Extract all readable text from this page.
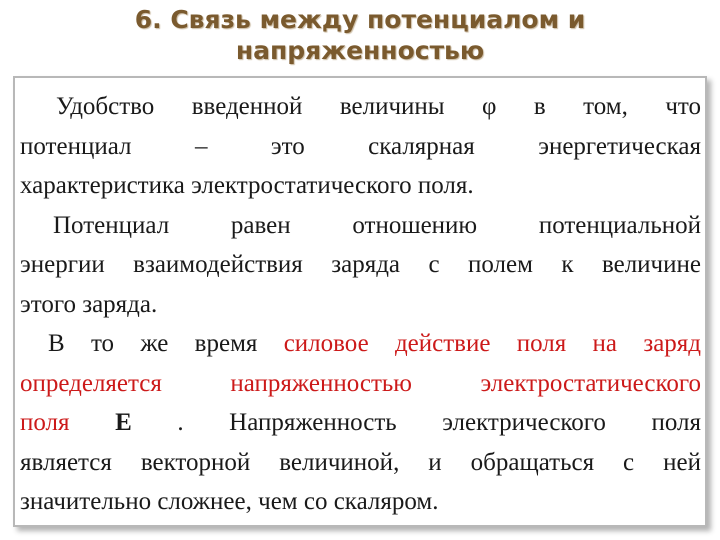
6. Связь между потенциалом и
напряженностью

Удобство введенной величины φ в том, что

потенциал – это скалярная энергетическая

характеристика электростатического поля.

Потенциал равен отношению потенциальной

энергии взаимодействия заряда с полем к величине

этого заряда.

В то же время силовое действие поля на заряд

определяется напряженностью электростатического

поля E . Напряженность электрического поля

является векторной величиной, и обращаться с ней

значительно сложнее, чем со скаляром.
